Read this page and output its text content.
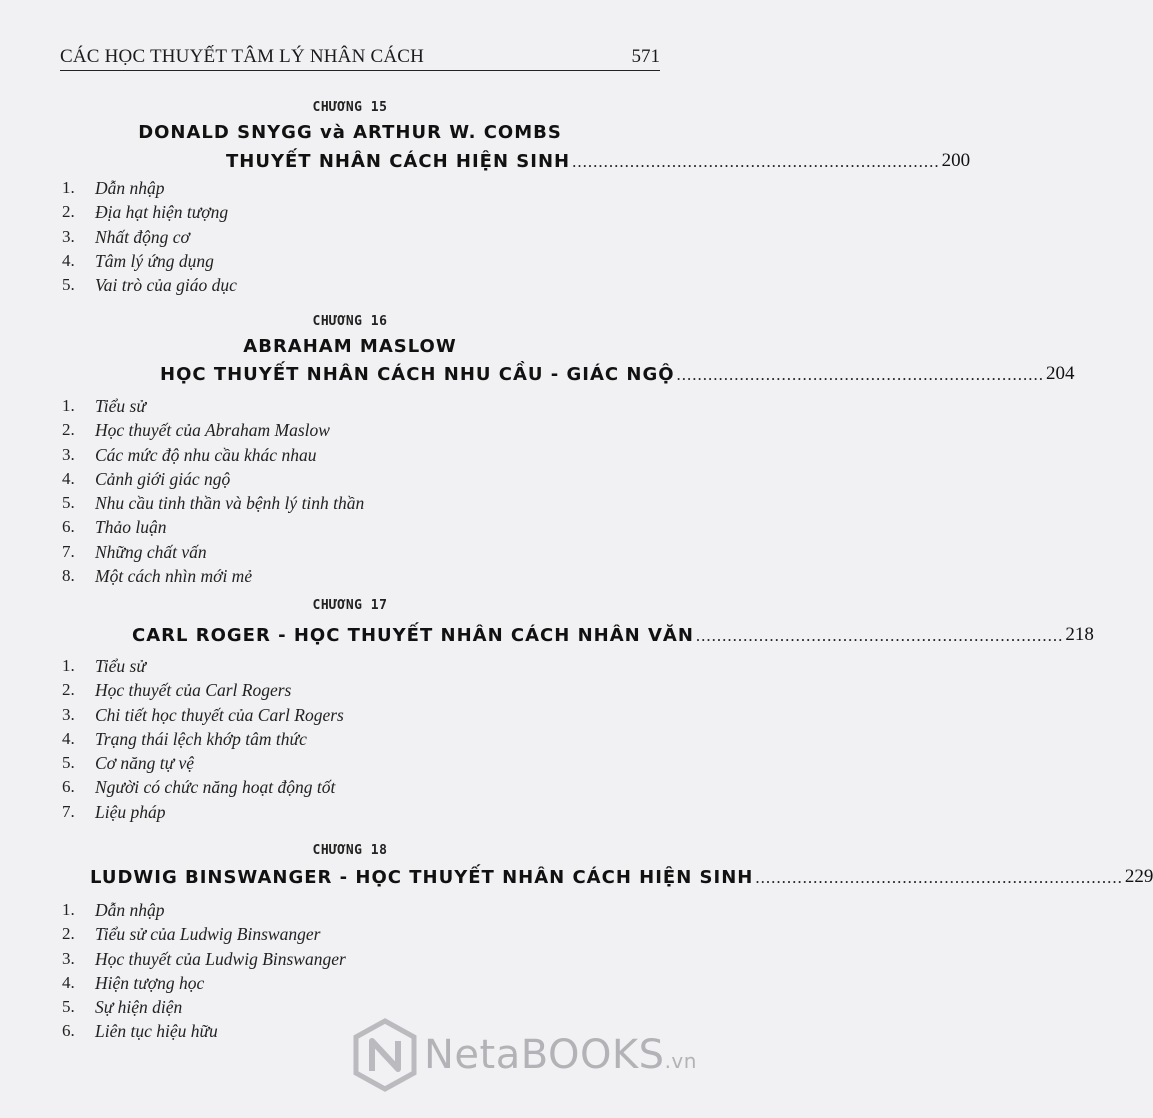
CÁC HỌC THUYẾT TÂM LÝ NHÂN CÁCH	571
CHƯƠNG 15
DONALD SNYGG và ARTHUR W. COMBS
THUYẾT NHÂN CÁCH HIỆN SINH ...................................................................... 200
1. Dẫn nhập
2. Địa hạt hiện tượng
3. Nhất động cơ
4. Tâm lý ứng dụng
5. Vai trò của giáo dục
CHƯƠNG 16
ABRAHAM MASLOW
HỌC THUYẾT NHÂN CÁCH NHU CẦU - GIÁC NGỘ ...................................................................... 204
1. Tiểu sử
2. Học thuyết của Abraham Maslow
3. Các mức độ nhu cầu khác nhau
4. Cảnh giới giác ngộ
5. Nhu cầu tinh thần và bệnh lý tinh thần
6. Thảo luận
7. Những chất vấn
8. Một cách nhìn mới mẻ
CHƯƠNG 17
CARL ROGER - HỌC THUYẾT NHÂN CÁCH NHÂN VĂN ...................................................................... 218
1. Tiểu sử
2. Học thuyết của Carl Rogers
3. Chi tiết học thuyết của Carl Rogers
4. Trạng thái lệch khớp tâm thức
5. Cơ năng tự vệ
6. Người có chức năng hoạt động tốt
7. Liệu pháp
CHƯƠNG 18
LUDWIG BINSWANGER - HỌC THUYẾT NHÂN CÁCH HIỆN SINH ...................................................................... 229
1. Dẫn nhập
2. Tiểu sử của Ludwig Binswanger
3. Học thuyết của Ludwig Binswanger
4. Hiện tượng học
5. Sự hiện diện
6. Liên tục hiệu hữu
NetaBOOKS.vn
